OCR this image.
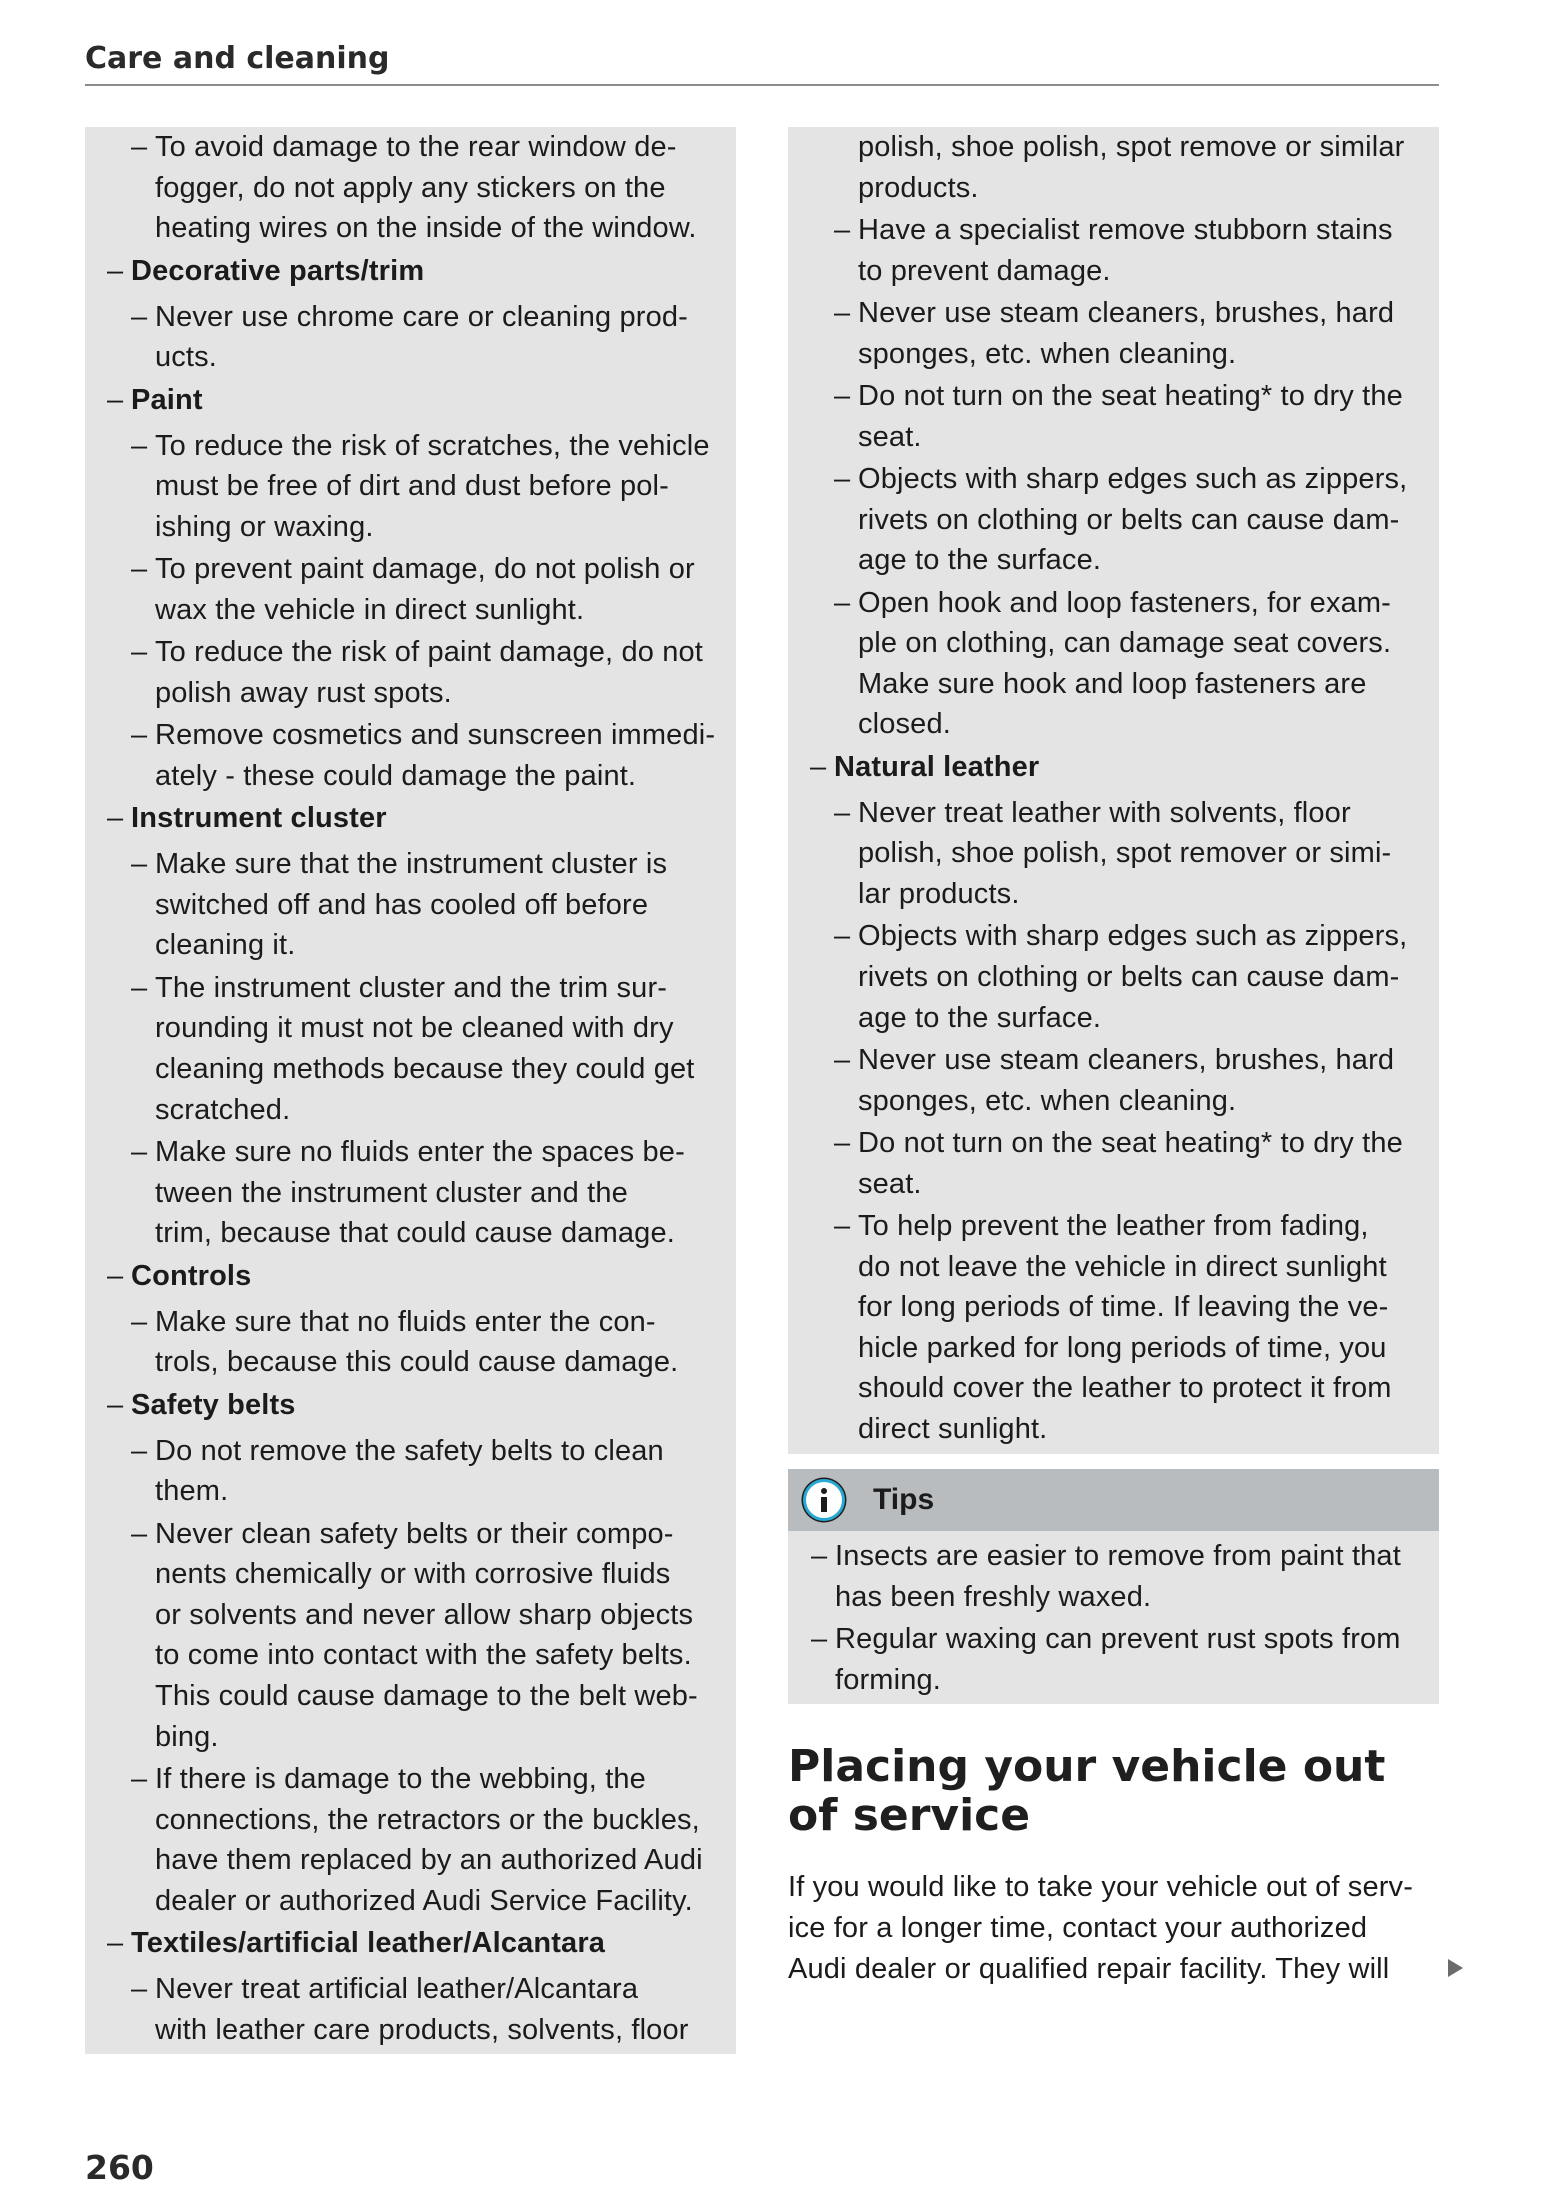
Care and cleaning
– To avoid damage to the rear window de-
fogger, do not apply any stickers on the
heating wires on the inside of the window.
– Decorative parts/trim
– Never use chrome care or cleaning prod-
ucts.
– Paint
– To reduce the risk of scratches, the vehicle
must be free of dirt and dust before pol-
ishing or waxing.
– To prevent paint damage, do not polish or
wax the vehicle in direct sunlight.
– To reduce the risk of paint damage, do not
polish away rust spots.
– Remove cosmetics and sunscreen immedi-
ately - these could damage the paint.
– Instrument cluster
– Make sure that the instrument cluster is
switched off and has cooled off before
cleaning it.
– The instrument cluster and the trim sur-
rounding it must not be cleaned with dry
cleaning methods because they could get
scratched.
– Make sure no fluids enter the spaces be-
tween the instrument cluster and the
trim, because that could cause damage.
– Controls
– Make sure that no fluids enter the con-
trols, because this could cause damage.
– Safety belts
– Do not remove the safety belts to clean
them.
– Never clean safety belts or their compo-
nents chemically or with corrosive fluids
or solvents and never allow sharp objects
to come into contact with the safety belts.
This could cause damage to the belt web-
bing.
– If there is damage to the webbing, the
connections, the retractors or the buckles,
have them replaced by an authorized Audi
dealer or authorized Audi Service Facility.
– Textiles/artificial leather/Alcantara
– Never treat artificial leather/Alcantara
with leather care products, solvents, floor
polish, shoe polish, spot remove or similar
products.
– Have a specialist remove stubborn stains
to prevent damage.
– Never use steam cleaners, brushes, hard
sponges, etc. when cleaning.
– Do not turn on the seat heating* to dry the
seat.
– Objects with sharp edges such as zippers,
rivets on clothing or belts can cause dam-
age to the surface.
– Open hook and loop fasteners, for exam-
ple on clothing, can damage seat covers.
Make sure hook and loop fasteners are
closed.
– Natural leather
– Never treat leather with solvents, floor
polish, shoe polish, spot remover or simi-
lar products.
– Objects with sharp edges such as zippers,
rivets on clothing or belts can cause dam-
age to the surface.
– Never use steam cleaners, brushes, hard
sponges, etc. when cleaning.
– Do not turn on the seat heating* to dry the
seat.
– To help prevent the leather from fading,
do not leave the vehicle in direct sunlight
for long periods of time. If leaving the ve-
hicle parked for long periods of time, you
should cover the leather to protect it from
direct sunlight.
Tips
– Insects are easier to remove from paint that
has been freshly waxed.
– Regular waxing can prevent rust spots from
forming.
Placing your vehicle out
of service
If you would like to take your vehicle out of serv-
ice for a longer time, contact your authorized
Audi dealer or qualified repair facility. They will
260
